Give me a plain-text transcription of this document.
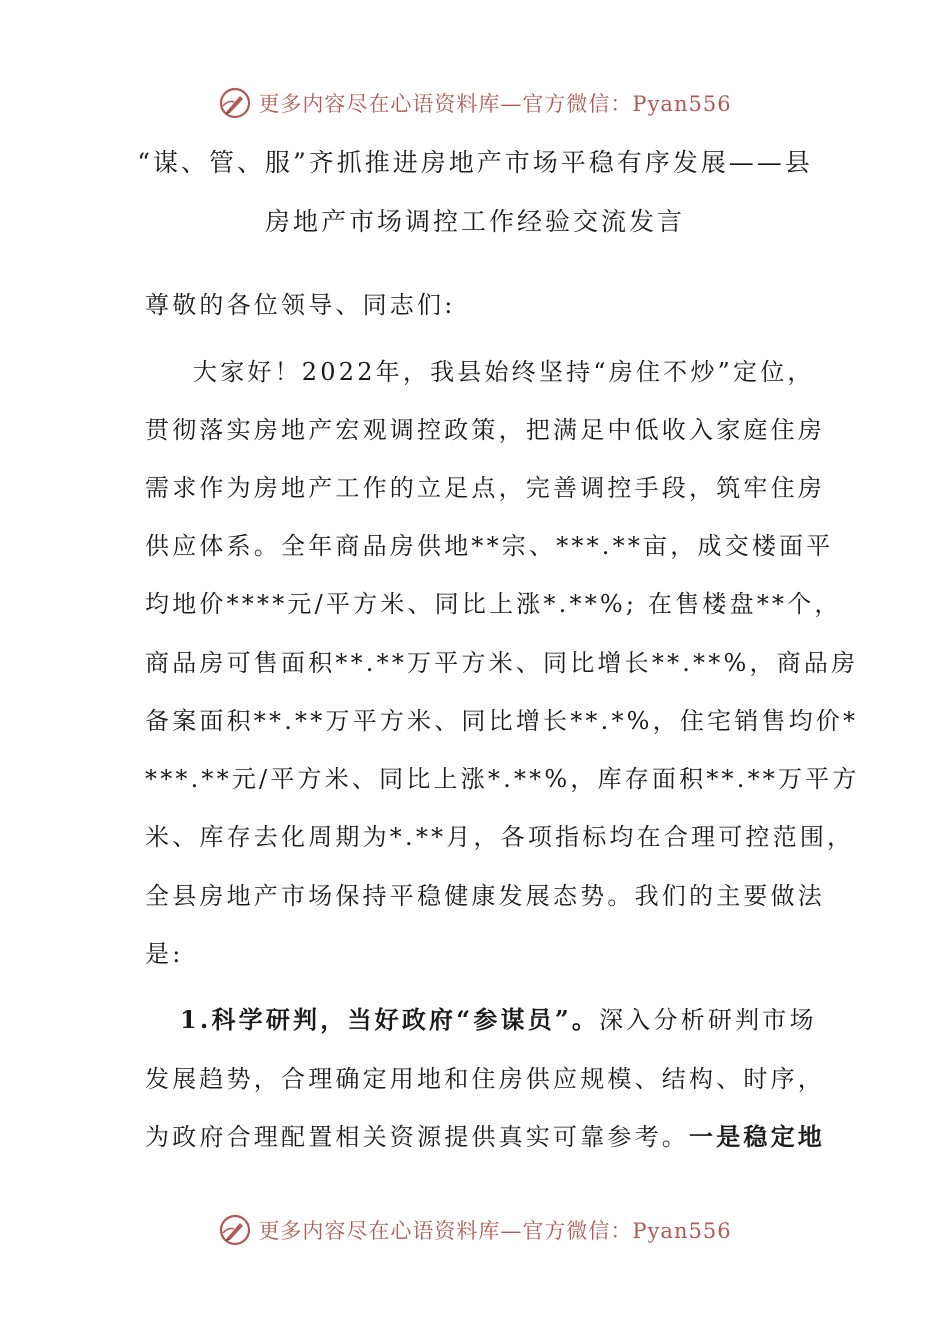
更多内容尽在心语资料库—官方微信：Pyan556
“谋、管、服”齐抓推进房地产市场平稳有序发展——县
房地产市场调控工作经验交流发言
尊敬的各位领导、同志们:
大家好！2022年，我县始终坚持“房住不炒”定位，
贯彻落实房地产宏观调控政策，把满足中低收入家庭住房
需求作为房地产工作的立足点，完善调控手段，筑牢住房
供应体系。全年商品房供地**宗、***.**亩，成交楼面平
均地价****元/平方米、同比上涨*.**%; 在售楼盘**个，
商品房可售面积**.**万平方米、同比增长**.**%，商品房
备案面积**.**万平方米、同比增长**.*%，住宅销售均价*
***.**元/平方米、同比上涨*.**%，库存面积**.**万平方
米、库存去化周期为*.**月，各项指标均在合理可控范围，
全县房地产市场保持平稳健康发展态势。我们的主要做法
是:
1.科学研判，当好政府“参谋员”。深入分析研判市场
发展趋势，合理确定用地和住房供应规模、结构、时序，
为政府合理配置相关资源提供真实可靠参考。一是稳定地
更多内容尽在心语资料库—官方微信：Pyan556
